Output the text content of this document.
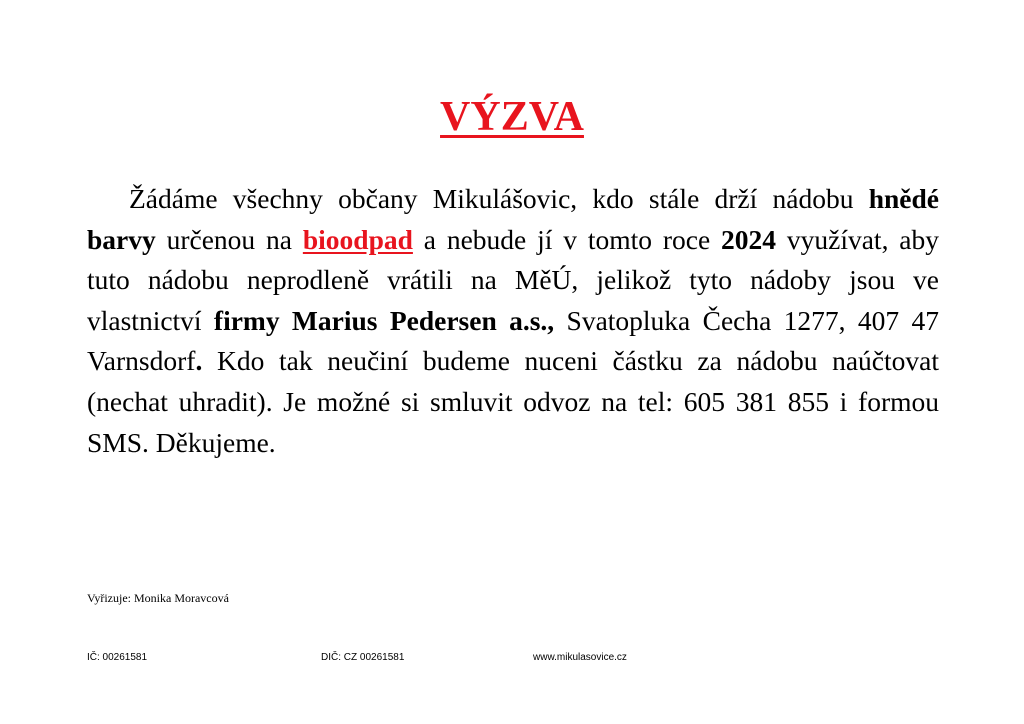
VÝZVA

Žádáme všechny občany Mikulášovic, kdo stále drží nádobu hnědé barvy určenou na bioodpad a nebude jí v tomto roce 2024 využívat, aby tuto nádobu neprodleně vrátili na MěÚ, jelikož tyto nádoby jsou ve vlastnictví firmy Marius Pedersen a.s., Svatopluka Čecha 1277, 407 47 Varnsdorf. Kdo tak neučiní budeme nuceni částku za nádobu naúčtovat (nechat uhradit). Je možné si smluvit odvoz na tel: 605 381 855 i formou SMS. Děkujeme.

Vyřizuje: Monika Moravcová
IČ: 00261581	DIČ: CZ 00261581	www.mikulasovice.cz
